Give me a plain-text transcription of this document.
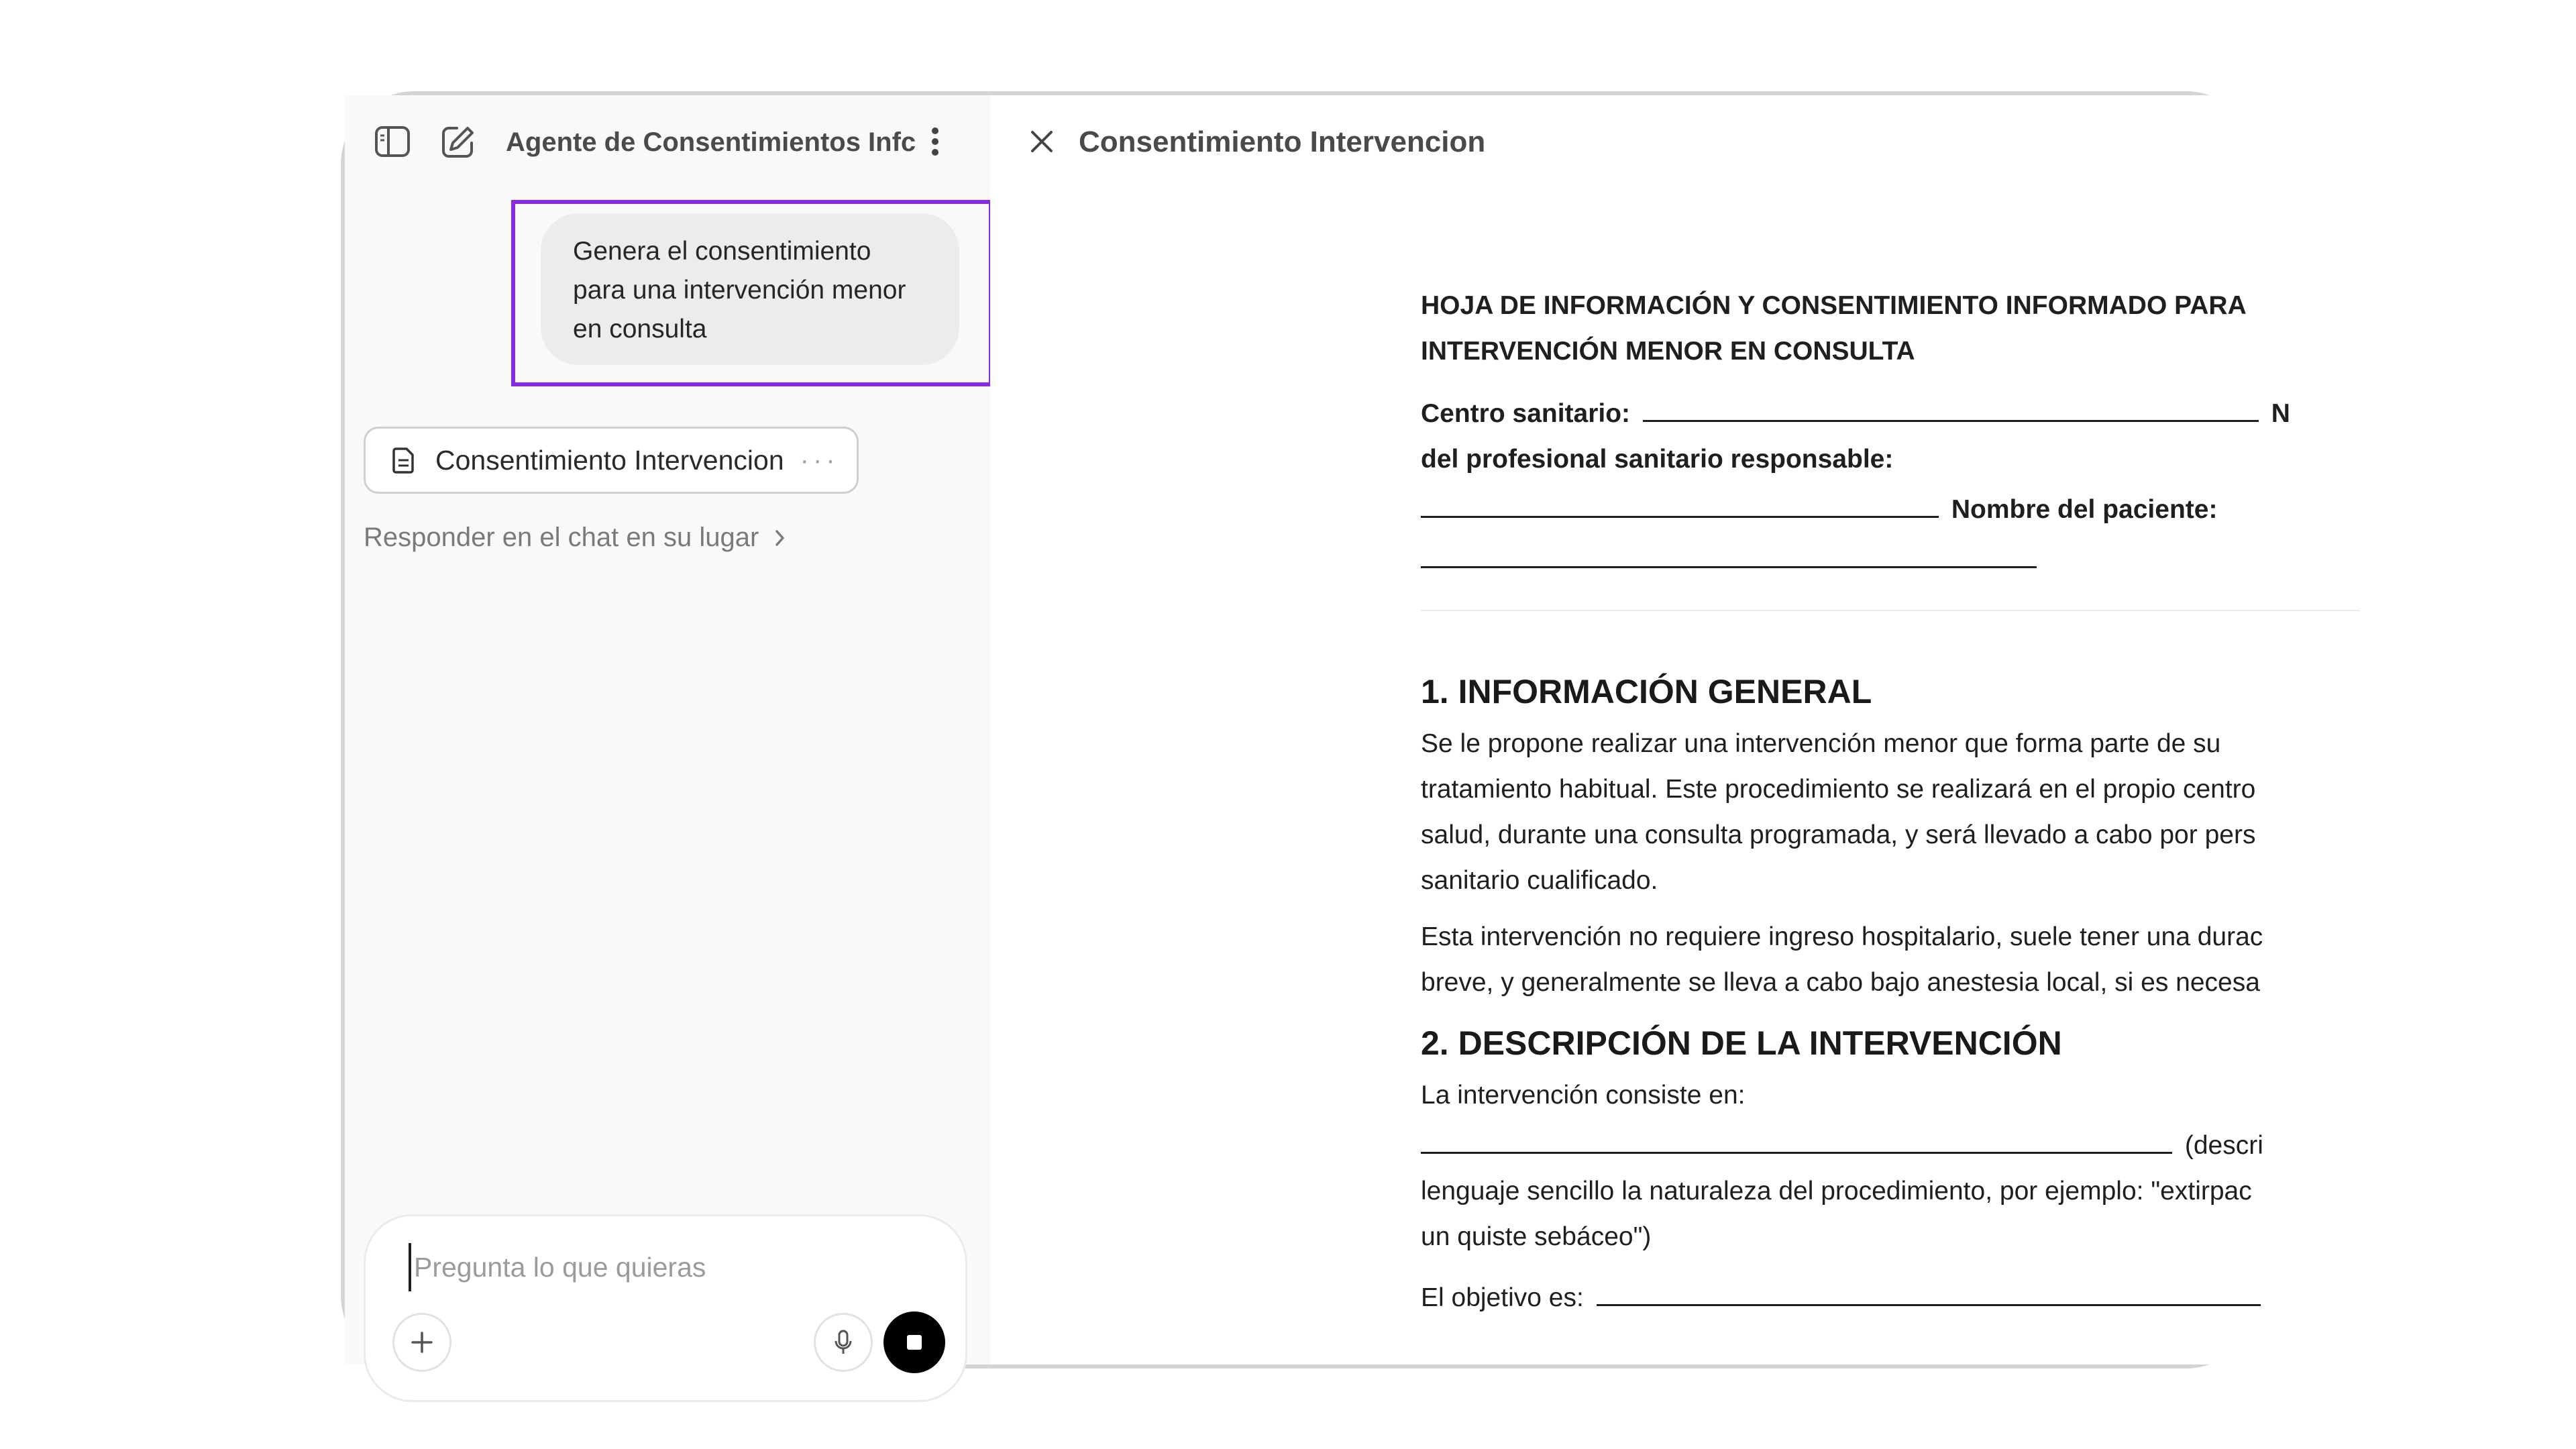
Agente de Consentimientos Infc
Genera el consentimiento para una intervención menor en consulta
Consentimiento Intervencion ···
Responder en el chat en su lugar
Pregunta lo que quieras
Consentimiento Intervencion
HOJA DE INFORMACIÓN Y CONSENTIMIENTO INFORMADO PARA INTERVENCIÓN MENOR EN CONSULTA
Centro sanitario:	N
del profesional sanitario responsable:
Nombre del paciente:
1. INFORMACIÓN GENERAL

Se le propone realizar una intervención menor que forma parte de su
tratamiento habitual. Este procedimiento se realizará en el propio centro
salud, durante una consulta programada, y será llevado a cabo por pers
sanitario cualificado.

Esta intervención no requiere ingreso hospitalario, suele tener una durac
breve, y generalmente se lleva a cabo bajo anestesia local, si es necesa

2. DESCRIPCIÓN DE LA INTERVENCIÓN

La intervención consiste en:
(descri
lenguaje sencillo la naturaleza del procedimiento, por ejemplo: "extirpac
un quiste sebáceo")

El objetivo es:
